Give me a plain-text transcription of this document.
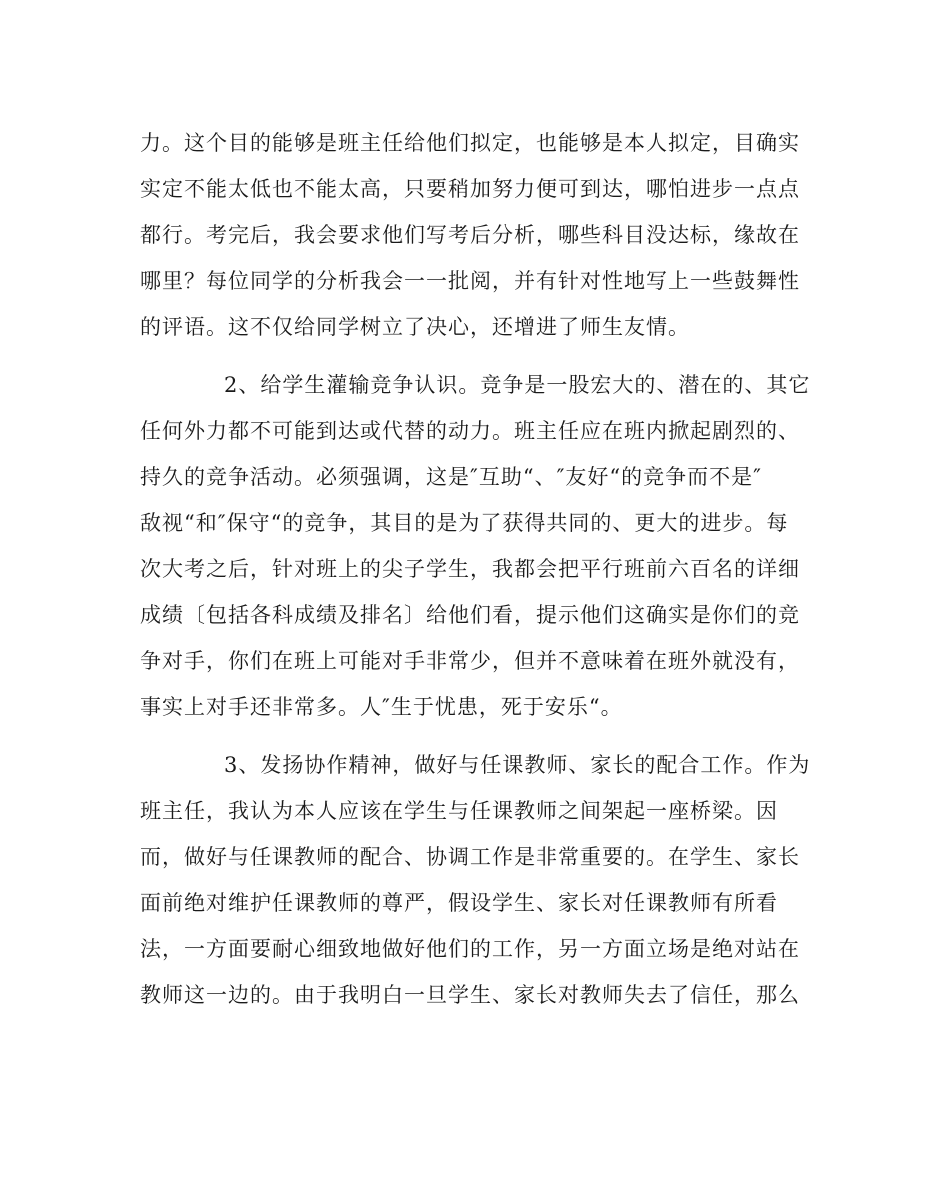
力。这个目的能够是班主任给他们拟定，也能够是本人拟定，目确实
实定不能太低也不能太高，只要稍加努力便可到达，哪怕进步一点点
都行。考完后，我会要求他们写考后分析，哪些科目没达标，缘故在
哪里？每位同学的分析我会一一批阅，并有针对性地写上一些鼓舞性
的评语。这不仅给同学树立了决心，还增进了师生友情。
2、给学生灌输竞争认识。竞争是一股宏大的、潜在的、其它
任何外力都不可能到达或代替的动力。班主任应在班内掀起剧烈的、
持久的竞争活动。必须强调，这是″互助“、″友好“的竞争而不是″
敌视“和″保守“的竞争，其目的是为了获得共同的、更大的进步。每
次大考之后，针对班上的尖子学生，我都会把平行班前六百名的详细
成绩〔包括各科成绩及排名〕给他们看，提示他们这确实是你们的竞
争对手，你们在班上可能对手非常少，但并不意味着在班外就没有，
事实上对手还非常多。人″生于忧患，死于安乐“。
3、发扬协作精神，做好与任课教师、家长的配合工作。作为
班主任，我认为本人应该在学生与任课教师之间架起一座桥梁。因
而，做好与任课教师的配合、协调工作是非常重要的。在学生、家长
面前绝对维护任课教师的尊严，假设学生、家长对任课教师有所看
法，一方面要耐心细致地做好他们的工作，另一方面立场是绝对站在
教师这一边的。由于我明白一旦学生、家长对教师失去了信任，那么
